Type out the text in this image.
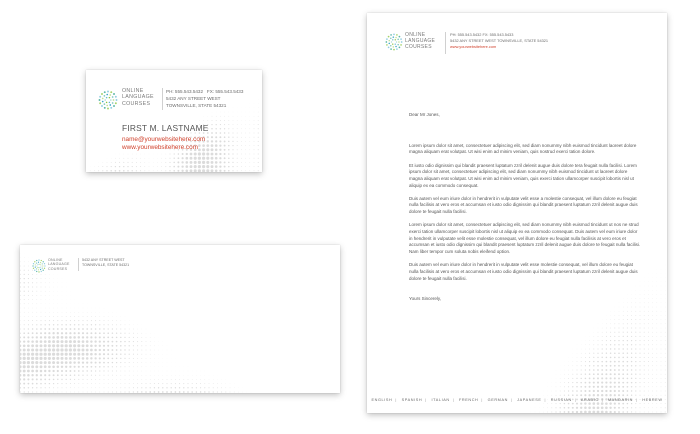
ONLINE
LANGUAGE
COURSES
PH: 555.543.5432 FX: 555.543.5433
5432 ANY STREET WEST
TOWNSVILLE, STATE 54321
FIRST M. LASTNAME
name@yourwebsitehere.com
www.yourwebsitehere.com
ONLINE
LANGUAGE
COURSES
5432 ANY STREET WEST
TOWNSVILLE, STATE 54321
ONLINE
LANGUAGE
COURSES
PH: 555.543.5432 FX: 555.543.5433
5432 ANY STREET WEST TOWNSVILLE, STATE 54321
www.yourwebsitehere.com

Dear Mr Jones,

Lorem ipsum dolor sit amet, consectetuer adipiscing elit, sed diam nonummy nibh euismod tincidunt laoreet dolore magna aliquam erat volutpat. Ut wisi enim ad minim veniam, quis nostrud exerci tation dolore.

Et iusto odio dignissim qui blandit praesent luptatum zzril delenit augue duis dolore tera feugait nulla facilisi. Lorem ipsum dolor sit amet, consectetuer adipiscing elit, sed diam nonummy nibh euismod tincidunt ut laoreet dolore magna aliquam erat volutpat. Ut wisi enim ad minim veniam, quis exerci tation ullamcorper suscipit lobortis nisl ut aliquip ex ea commodo consequat.

Duis autem vel eum iriure dolor in hendrerit in vulputate velit esse a molestie consequat, vel illum dolore eu feugiat nulla facilisis at vero eros et accumsan et iusto odio dignissim qui blandit praesent luptatum zzril delenit augue duis dolore te feugait nulla facilisi.

Lorem ipsum dolor sit amet, consectetuer adipiscing elit, sed diam nonummy nibh euismod tincidunt ut nos ne strud exerci tation ullamcorper suscipit lobortis nisl ut aliquip ex ea commodo consequat. Duis autem vel eum iriure dolor in hendrerit in vulputate velit esse molestie consequat, vel illum dolore eu feugiat nulla facilisis at vero eros et accumsan et iusto odio dignissim qui blandit praesent luptatum zzril delenit augue duis dolore te feugait nulla facilisi. Nam liber tempor cum soluta nobis eleifend option.

Duis autem vel eum iriure dolor in hendrerit in vulputate velit esse molestie consequat, vel illum dolore eu feugiat nulla facilisis at vero eros et accumsan et iusto odio dignissim qui blandit praesent luptatum zzril delenit augue duis dolore te feugait nulla facilisi.

Yours Sincerely,

ENGLISH | SPANISH | ITALIAN | FRENCH | GERMAN | JAPANESE | RUSSIAN | ARABIC | MANDARIN | HEBREW
